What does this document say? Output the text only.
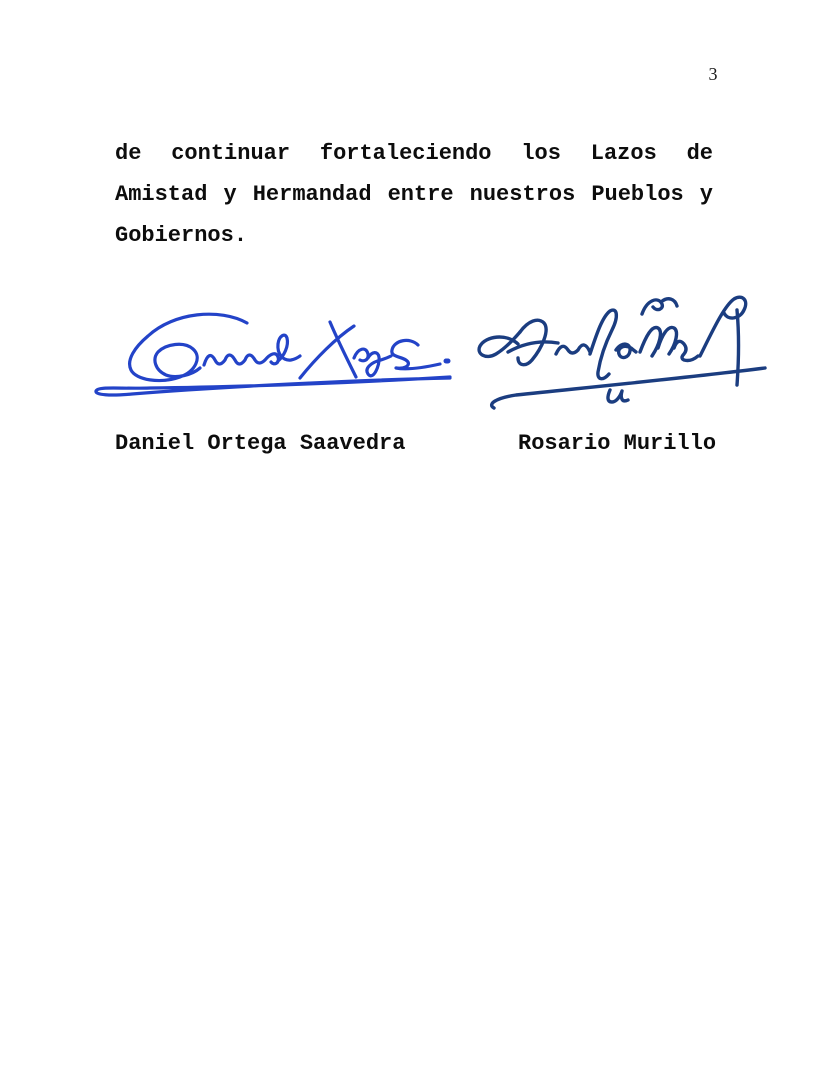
3
de continuar fortaleciendo los Lazos de Amistad y Hermandad entre nuestros Pueblos y Gobiernos.
Daniel Ortega Saavedra	Rosario Murillo
